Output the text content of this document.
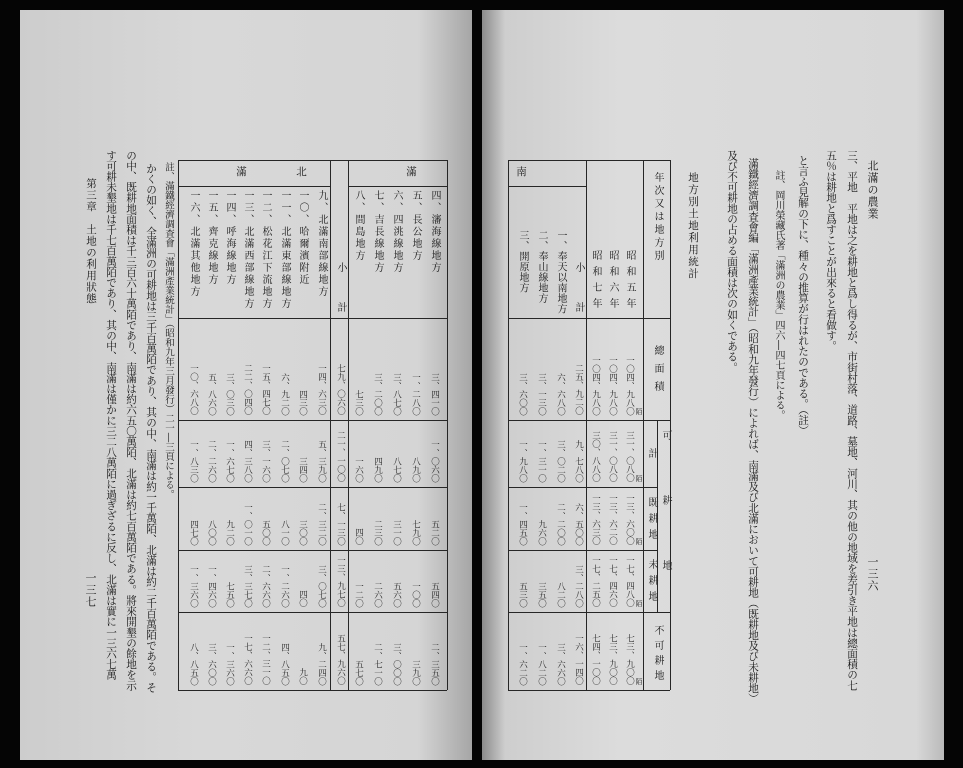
北滿の農業
一三六
三、平地　平地は之を耕地と爲し得るが、市街村落、道路、墓地、河川、其の他の地域を差引き平地は總面積の七
五％は耕地と爲すことが出來ると看做す。
と言ふ見解の下に、種々の推算が行はれたのである。（註）
註、岡川榮藏氏著「滿洲の農業」四六―四七頁による。
滿鐵經濟調査會編「滿洲產業統計」（昭和九年發行）によれば、南滿及び北滿において可耕地（既耕地及び未耕地）
及び不可耕地の占める面積は次の如くである。
地方別土地利用統計
年次又は地方別
總面積
可耕地
計
既耕地
未耕地
不可耕地
南
滿
北
滿
昭和五年
一〇四、九八〇
三一、〇八〇
一三、六〇〇
一七、四八〇
七三、九〇〇
昭和六年
一〇四、九八〇
三一、〇八〇
一三、六二〇
一七、四六〇
七三、九〇〇
昭和七年
一〇四、九八〇
三〇、八八〇
一三、六三〇
一七、二五〇
七四、一〇〇
小計
二五、九二〇
九、七八〇
六、五〇〇
三、二八〇
一六、一四〇
一、奉天以南地方
六、六八〇
三、〇二〇
二、二〇〇
八二〇
三、六六〇
二、奉山線地方
三、一三〇
一、三一〇
九六〇
三五〇
一、八二〇
三、開原地方
三、六〇〇
一、九八〇
一、四五〇
五三〇
一、六二〇
四、瀋海線地方
三、四一〇
一、〇六〇
五二〇
五四〇
二、三五〇
五、長公地方
一、二八〇
八九〇
七九〇
一〇〇
三九〇
六、四洮線地方
三、八七〇
八七〇
三一〇
五六〇
三、〇〇〇
七、吉長線地方
三、二〇〇
四九〇
二三〇
二六〇
二、七一〇
八、間島地方
七三〇
一六〇
四〇
一二〇
五七〇
小計
七九、〇六〇
二一、一〇〇
七、一三〇
一三、九七〇
五七、九六〇
九、北滿南部線地方
一四、六三〇
五、三九〇
二、三二〇
三、〇七〇
九、二四〇
一〇、哈爾濱附近
四三〇
三四〇
三〇〇
四〇
九〇
一一、北滿東部線地方
六、九二〇
二、〇七〇
八一〇
一、二六〇
四、八五〇
一二、松花江下流地方
一五、四七〇
三、一六〇
五〇〇
二、六六〇
一二、三一〇
一三、北滿西部線地方
二二、〇四〇
四、三八〇
一、〇一〇
三、三七〇
一七、六六〇
一四、呼海線地方
三、〇三〇
一、六七〇
九二〇
七五〇
一、三六〇
一五、齊克線地方
五、八六〇
二、二六〇
八〇〇
一、四六〇
三、六〇〇
一六、北滿其他地方
一〇、六八〇
一、八三〇
四七〇
一、三六〇
八、八五〇
陌
陌
陌
陌
陌
註、滿鐵經濟調査會「滿洲產業統計」（昭和九年三月發行）二一―三頁による。
かくの如く、全滿洲の可耕地は三千百萬陌であり、其の中、南滿は約一千萬陌、北滿は約二千百萬陌である。そ
の中、既耕地面積は千三百六十萬陌であり、南滿は約六五〇萬陌、北滿は約七百萬陌である。將來開墾の餘地を示
す可耕未墾地は千七百萬陌であり、其の中、南滿は僅かに三二八萬陌に過ぎざるに反し、北滿は實に一三六七萬
第三章　土地の利用狀態
一三七
